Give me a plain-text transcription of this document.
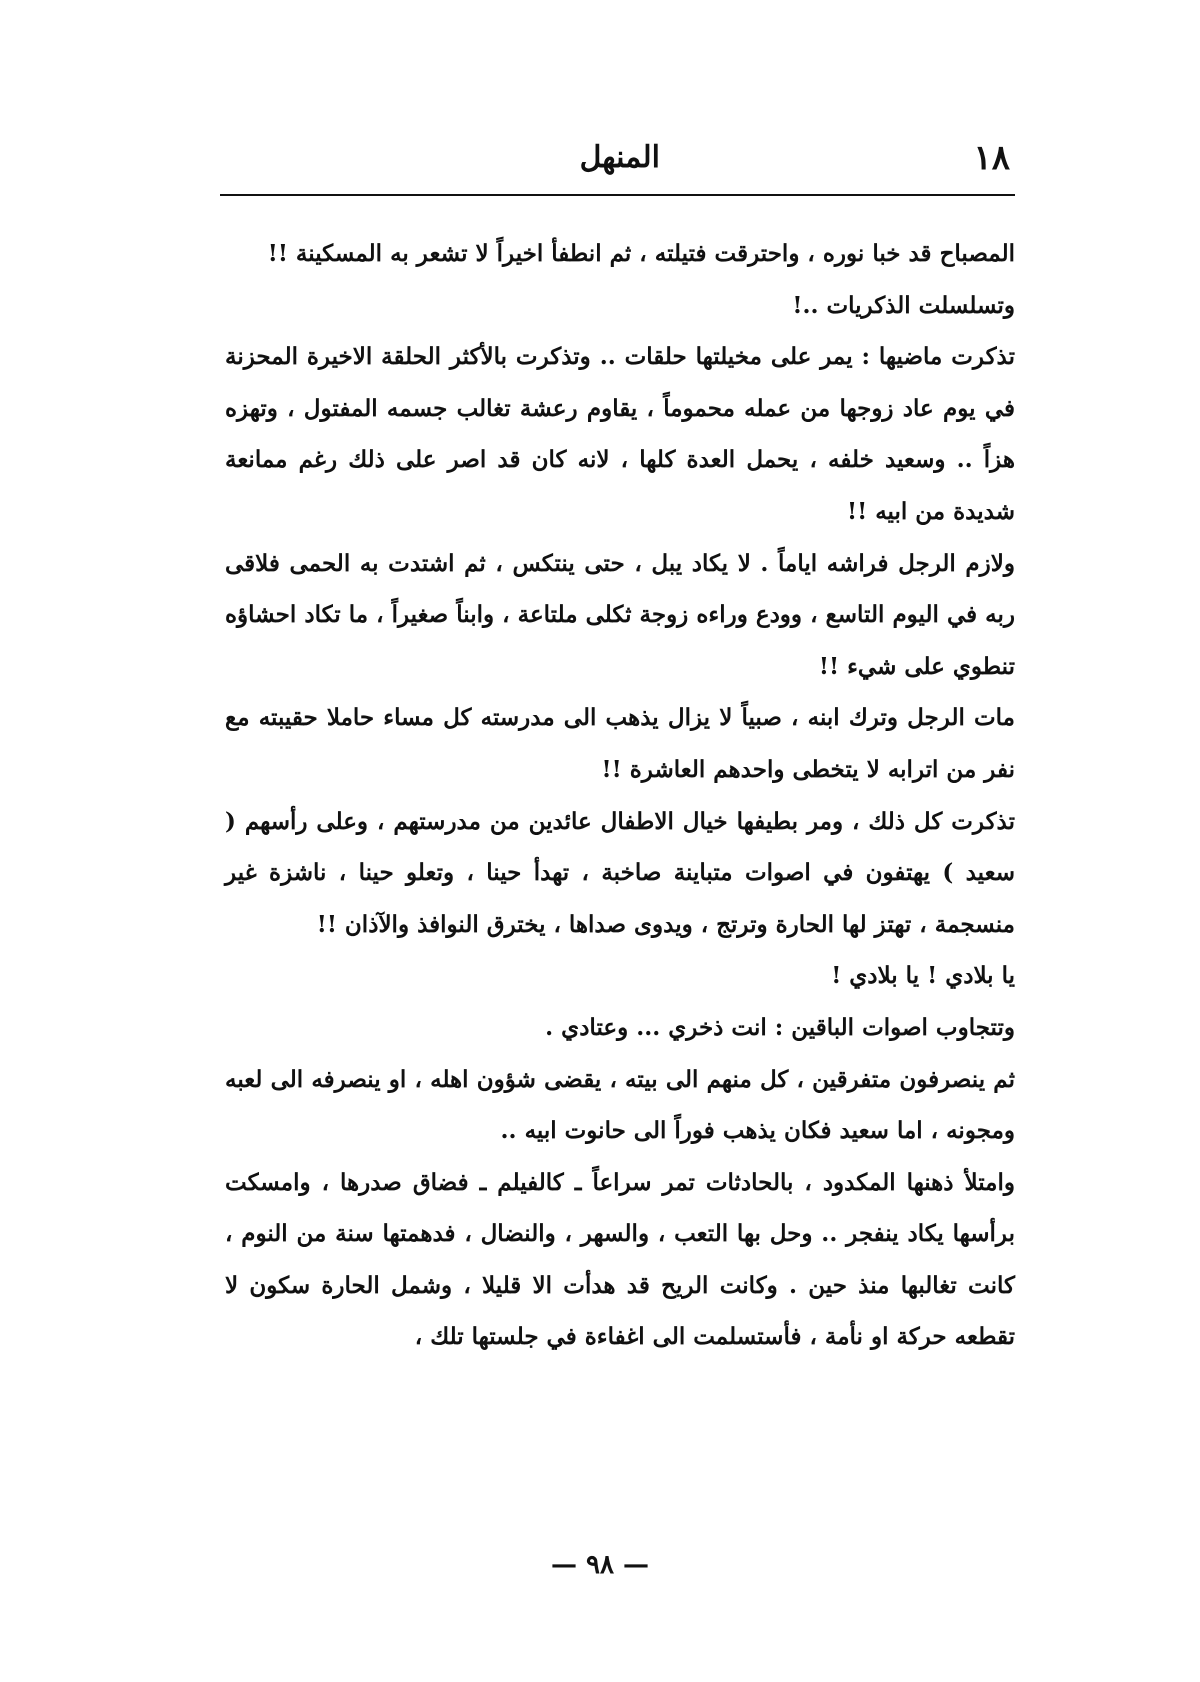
١٨
المنهل

المصباح قد خبا نوره ، واحترقت فتيلته ، ثم انطفأ اخيراً لا تشعر به المسكينة !!

وتسلسلت الذكريات ..!

تذكرت ماضيها : يمر على مخيلتها حلقات .. وتذكرت بالأكثر الحلقة الاخيرة المحزنة في يوم عاد زوجها من عمله محموماً ، يقاوم رعشة تغالب جسمه المفتول ، وتهزه هزاً .. وسعيد خلفه ، يحمل العدة كلها ، لانه كان قد اصر على ذلك رغم ممانعة شديدة من ابيه !!

ولازم الرجل فراشه اياماً . لا يكاد يبل ، حتى ينتكس ، ثم اشتدت به الحمى فلاقى ربه في اليوم التاسع ، وودع وراءه زوجة ثكلى ملتاعة ، وابناً صغيراً ، ما تكاد احشاؤه تنطوي على شيء !!

مات الرجل وترك ابنه ، صبياً لا يزال يذهب الى مدرسته كل مساء حاملا حقيبته مع نفر من اترابه لا يتخطى واحدهم العاشرة !!

تذكرت كل ذلك ، ومر بطيفها خيال الاطفال عائدين من مدرستهم ، وعلى رأسهم ( سعيد ) يهتفون في اصوات متباينة صاخبة ، تهدأ حينا ، وتعلو حينا ، ناشزة غير منسجمة ، تهتز لها الحارة وترتج ، ويدوى صداها ، يخترق النوافذ والآذان !!

يا بلادي ! يا بلادي !

وتتجاوب اصوات الباقين : انت ذخري ... وعتادي .

ثم ينصرفون متفرقين ، كل منهم الى بيته ، يقضى شؤون اهله ، او ينصرفه الى لعبه ومجونه ، اما سعيد فكان يذهب فوراً الى حانوت ابيه ..

وامتلأ ذهنها المكدود ، بالحادثات تمر سراعاً ـ كالفيلم ـ فضاق صدرها ، وامسكت برأسها يكاد ينفجر .. وحل بها التعب ، والسهر ، والنضال ، فدهمتها سنة من النوم ، كانت تغالبها منذ حين . وكانت الريح قد هدأت الا قليلا ، وشمل الحارة سكون لا تقطعه حركة او نأمة ، فأستسلمت الى اغفاءة في جلستها تلك ،

— ٩٨ —
